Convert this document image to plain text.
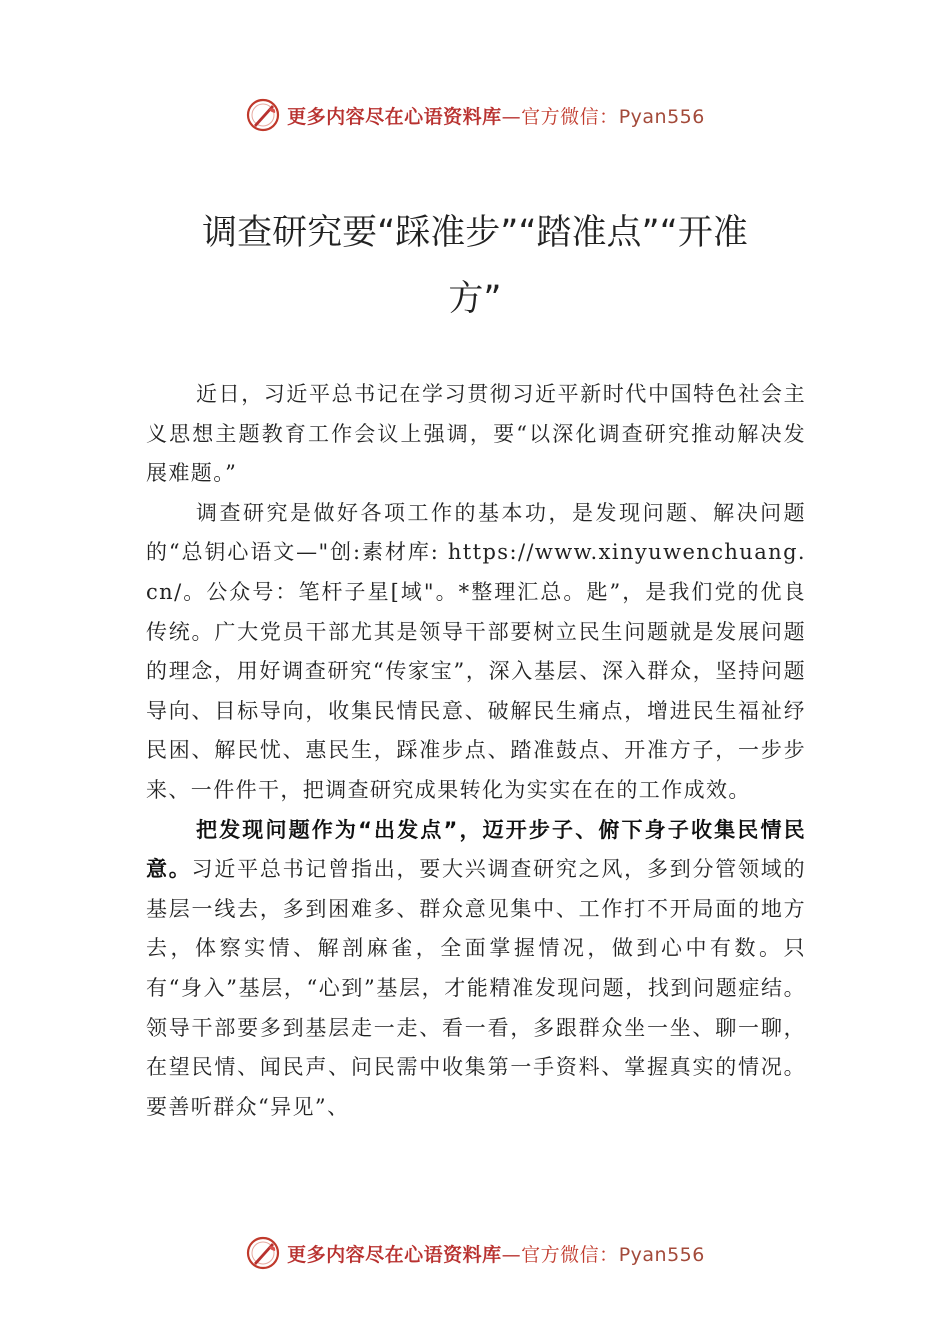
更多内容尽在心语资料库—官方微信：Pyan556
调查研究要“踩准步”“踏准点”“开准
方”

近日，习近平总书记在学习贯彻习近平新时代中国特色社会主义思想主题教育工作会议上强调，要“以深化调查研究推动解决发展难题。”

调查研究是做好各项工作的基本功，是发现问题、解决问题的“总钥心语文—"创:素材库: https://www.xinyuwenchuang.cn/。公众号：笔杆子星[域"。*整理汇总。匙”，是我们党的优良传统。广大党员干部尤其是领导干部要树立民生问题就是发展问题的理念，用好调查研究“传家宝”，深入基层、深入群众，坚持问题导向、目标导向，收集民情民意、破解民生痛点，增进民生福祉纾民困、解民忧、惠民生，踩准步点、踏准鼓点、开准方子，一步步来、一件件干，把调查研究成果转化为实实在在的工作成效。

把发现问题作为“出发点”，迈开步子、俯下身子收集民情民意。习近平总书记曾指出，要大兴调查研究之风，多到分管领域的基层一线去，多到困难多、群众意见集中、工作打不开局面的地方去，体察实情、解剖麻雀，全面掌握情况，做到心中有数。只有“身入”基层，“心到”基层，才能精准发现问题，找到问题症结。领导干部要多到基层走一走、看一看，多跟群众坐一坐、聊一聊，在望民情、闻民声、问民需中收集第一手资料、掌握真实的情况。要善听群众“异见”、

更多内容尽在心语资料库—官方微信：Pyan556
